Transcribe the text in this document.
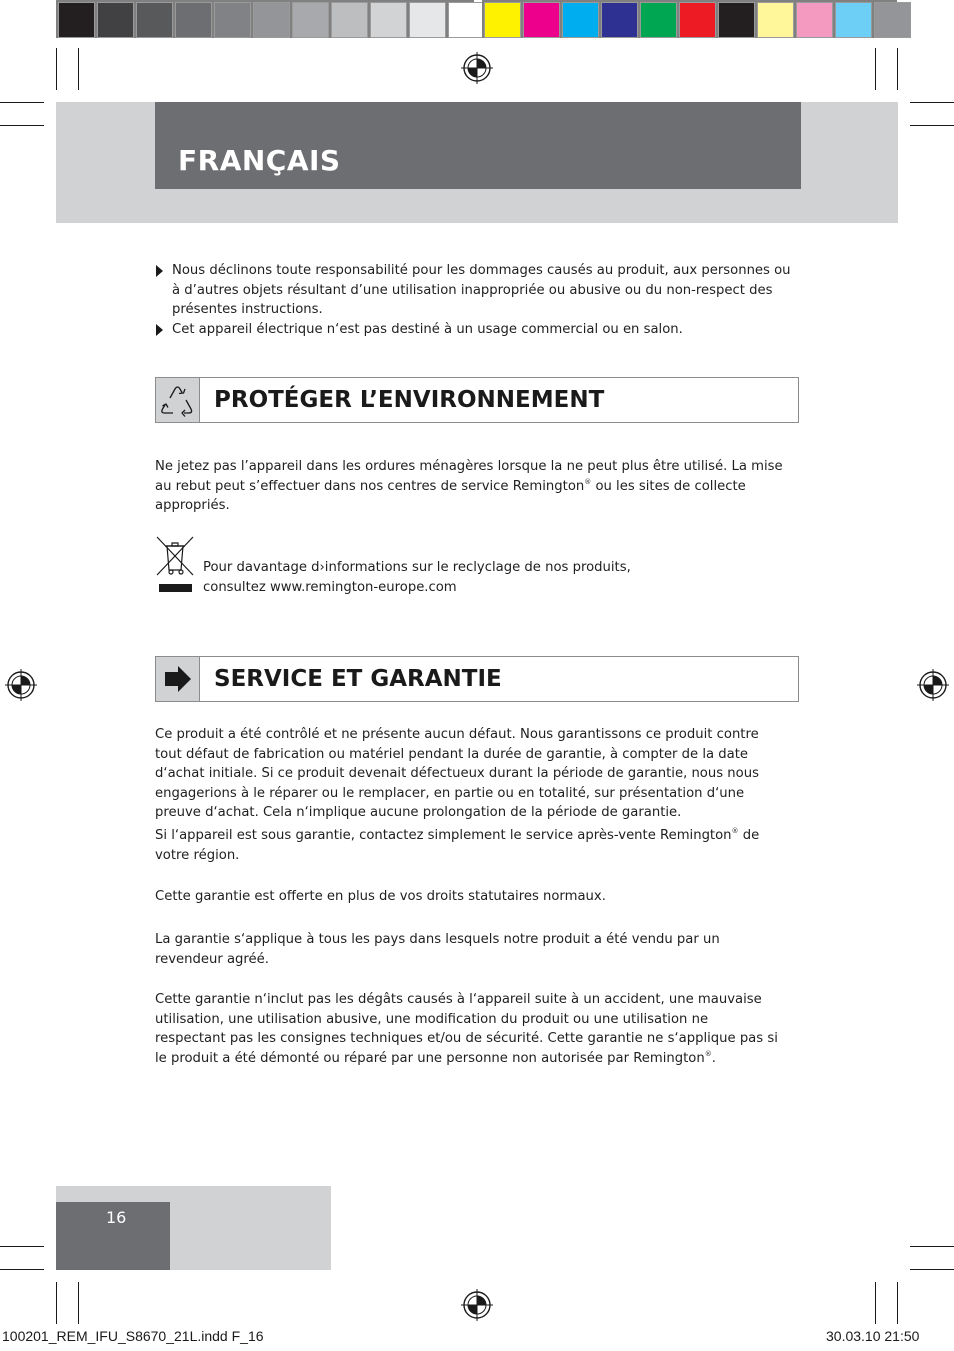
FRANÇAIS
Nous déclinons toute responsabilité pour les dommages causés au produit, aux personnes ou à d’autres objets résultant d’une utilisation inappropriée ou abusive ou du non-respect des présentes instructions.
Cet appareil électrique n‘est pas destiné à un usage commercial ou en salon.
PROTÉGER L’ENVIRONNEMENT
Ne jetez pas l’appareil dans les ordures ménagères lorsque la ne peut plus être utilisé. La mise au rebut peut s’effectuer dans nos centres de service Remington® ou les sites de collecte appropriés.
Pour davantage d›informations sur le reclyclage de nos produits,
consultez www.remington-europe.com
SERVICE ET GARANTIE
Ce produit a été contrôlé et ne présente aucun défaut. Nous garantissons ce produit contre tout défaut de fabrication ou matériel pendant la durée de garantie, à compter de la date d‘achat initiale. Si ce produit devenait défectueux durant la période de garantie, nous nous engagerions à le réparer ou le remplacer, en partie ou en totalité, sur présentation d‘une preuve d‘achat. Cela n‘implique aucune prolongation de la période de garantie.
Si l‘appareil est sous garantie, contactez simplement le service après-vente Remington® de votre région.
Cette garantie est offerte en plus de vos droits statutaires normaux.
La garantie s‘applique à tous les pays dans lesquels notre produit a été vendu par un revendeur agréé.
Cette garantie n‘inclut pas les dégâts causés à l‘appareil suite à un accident, une mauvaise utilisation, une utilisation abusive, une modification du produit ou une utilisation ne respectant pas les consignes techniques et/ou de sécurité. Cette garantie ne s‘applique pas si le produit a été démonté ou réparé par une personne non autorisée par Remington®.
16
100201_REM_IFU_S8670_21L.indd F_16	30.03.10 21:50
